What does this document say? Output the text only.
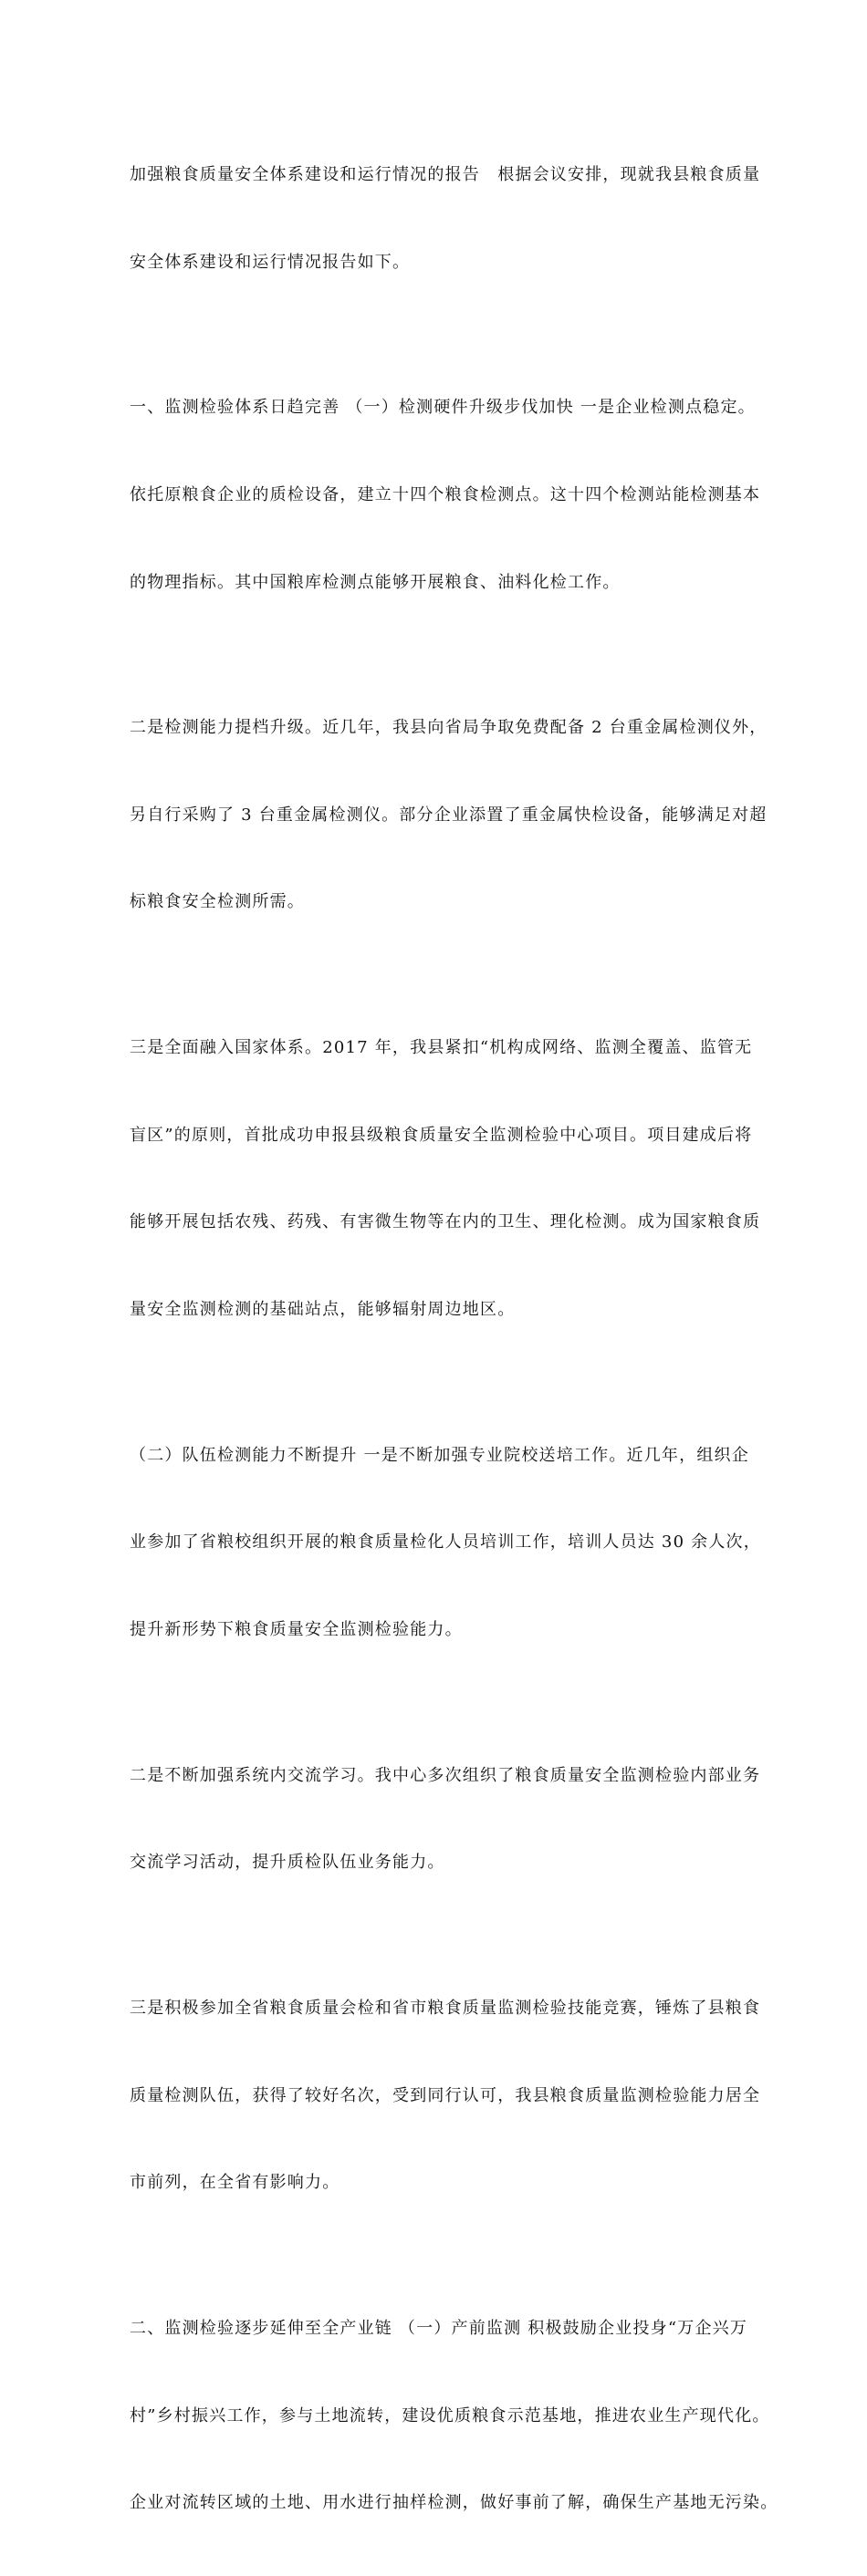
加强粮食质量安全体系建设和运行情况的报告　根据会议安排，现就我县粮食质量

安全体系建设和运行情况报告如下。

一、监测检验体系日趋完善 （一）检测硬件升级步伐加快 一是企业检测点稳定。

依托原粮食企业的质检设备，建立十四个粮食检测点。这十四个检测站能检测基本

的物理指标。其中国粮库检测点能够开展粮食、油料化检工作。

二是检测能力提档升级。近几年，我县向省局争取免费配备 2 台重金属检测仪外，

另自行采购了 3 台重金属检测仪。部分企业添置了重金属快检设备，能够满足对超

标粮食安全检测所需。

三是全面融入国家体系。2017 年，我县紧扣“机构成网络、监测全覆盖、监管无

盲区”的原则，首批成功申报县级粮食质量安全监测检验中心项目。项目建成后将

能够开展包括农残、药残、有害微生物等在内的卫生、理化检测。成为国家粮食质

量安全监测检测的基础站点，能够辐射周边地区。

（二）队伍检测能力不断提升 一是不断加强专业院校送培工作。近几年，组织企

业参加了省粮校组织开展的粮食质量检化人员培训工作，培训人员达 30 余人次，

提升新形势下粮食质量安全监测检验能力。

二是不断加强系统内交流学习。我中心多次组织了粮食质量安全监测检验内部业务

交流学习活动，提升质检队伍业务能力。

三是积极参加全省粮食质量会检和省市粮食质量监测检验技能竞赛，锤炼了县粮食

质量检测队伍，获得了较好名次，受到同行认可，我县粮食质量监测检验能力居全

市前列，在全省有影响力。

二、监测检验逐步延伸至全产业链 （一）产前监测 积极鼓励企业投身“万企兴万

村”乡村振兴工作，参与土地流转，建设优质粮食示范基地，推进农业生产现代化。

企业对流转区域的土地、用水进行抽样检测，做好事前了解，确保生产基地无污染。
